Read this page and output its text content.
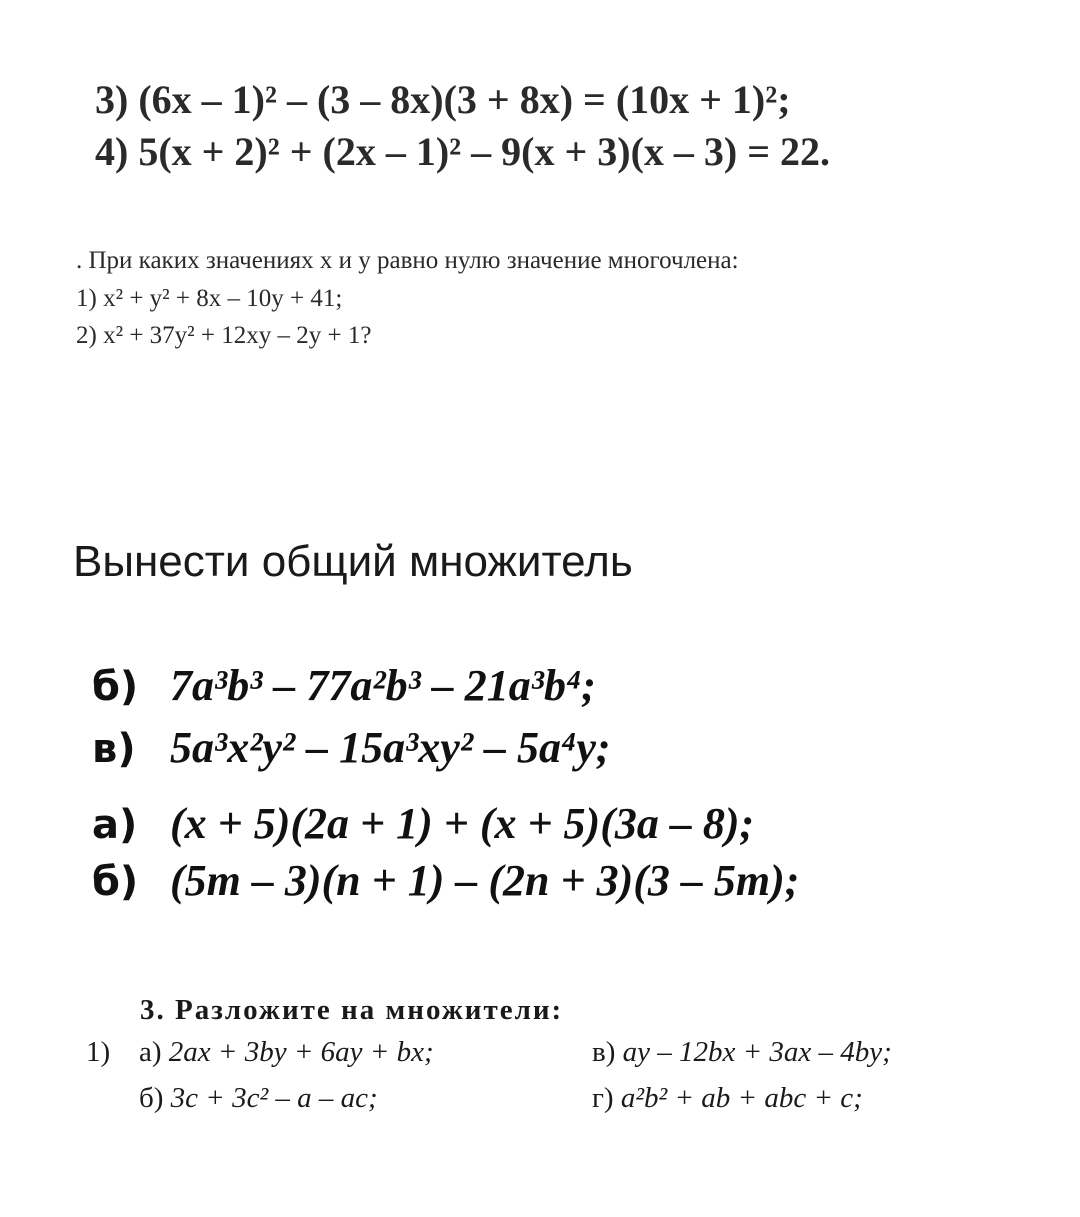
3) (6x – 1)² – (3 – 8x)(3 + 8x) = (10x + 1)²;
4) 5(x + 2)² + (2x – 1)² – 9(x + 3)(x – 3) = 22.
. При каких значениях x и y равно нулю значение многочлена:
1) x² + y² + 8x – 10y + 41;
2) x² + 37y² + 12xy – 2y + 1?
Вынести общий множитель
б) 7a³b³ – 77a²b³ – 21a³b⁴;
в) 5a³x²y² – 15a³xy² – 5a⁴y;
а) (x + 5)(2a + 1) + (x + 5)(3a – 8);
б) (5m – 3)(n + 1) – (2n + 3)(3 – 5m);
3. Разложите на множители:
1) а) 2ax + 3by + 6ay + bx;	в) ay – 12bx + 3ax – 4by;
б) 3c + 3c² – a – ac;	г) a²b² + ab + abc + c;
